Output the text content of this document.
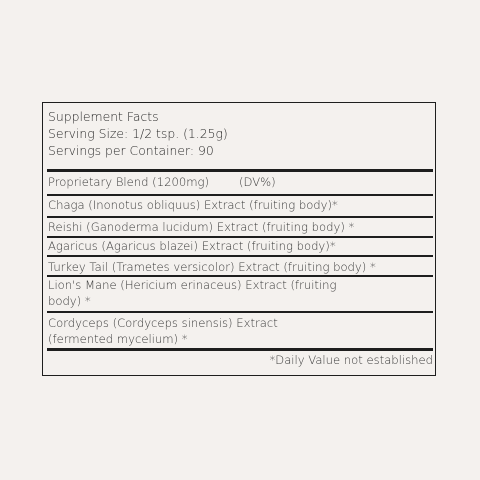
Supplement Facts
Serving Size: 1/2 tsp. (1.25g)
Servings per Container: 90
Proprietary Blend (1200mg)	(DV%)
Chaga (Inonotus obliquus) Extract (fruiting body)*
Reishi (Ganoderma lucidum) Extract (fruiting body) *
Agaricus (Agaricus blazei) Extract (fruiting body)*
Turkey Tail (Trametes versicolor) Extract (fruiting body) *
Lion's Mane (Hericium erinaceus) Extract (fruiting
body) *
Cordyceps (Cordyceps sinensis) Extract
(fermented mycelium) *
*Daily Value not established
